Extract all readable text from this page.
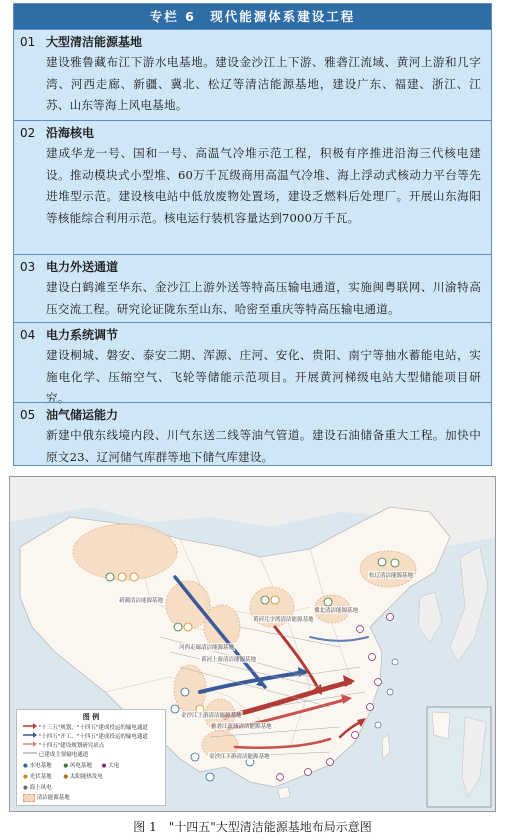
专栏 6　现代能源体系建设工程
01 大型清洁能源基地
建设雅鲁藏布江下游水电基地。建设金沙江上下游、雅砻江流域、黄河上游和几字湾、河西走廊、新疆、冀北、松辽等清洁能源基地，建设广东、福建、浙江、江苏、山东等海上风电基地。
02 沿海核电
建成华龙一号、国和一号、高温气冷堆示范工程，积极有序推进沿海三代核电建设。推动模块式小型堆、60万千瓦级商用高温气冷堆、海上浮动式核动力平台等先进堆型示范。建设核电站中低放废物处置场，建设乏燃料后处理厂。开展山东海阳等核能综合利用示范。核电运行装机容量达到7000万千瓦。
03 电力外送通道
建设白鹤滩至华东、金沙江上游外送等特高压输电通道，实施闽粤联网、川渝特高压交流工程。研究论证陇东至山东、哈密至重庆等特高压输电通道。
04 电力系统调节
建设桐城、磐安、泰安二期、浑源、庄河、安化、贵阳、南宁等抽水蓄能电站，实施电化学、压缩空气、飞轮等储能示范项目。开展黄河梯级电站大型储能项目研究。
05 油气储运能力
新建中俄东线境内段、川气东送二线等油气管道。建设石油储备重大工程。加快中原文23、辽河储气库群等地下储气库建设。
新疆清洁能源基地
河西走廊清洁能源基地
黄河上游清洁能源基地
黄河几字湾清洁能源基地
冀北清洁能源基地
松辽清洁能源基地
金沙江上游清洁能源基地
雅砻江流域清洁能源基地
金沙江下游清洁能源基地
图 例
"十三五"规划、"十四五"建成投运的输电通道
"十四五"开工、"十四五"建成投运的输电通道
"十四五"建设规划研究站点
已建成主要输电通道
● 水电基地 ● 风电基地 ● 大电
● 光伏基地 ● 太阳能热发电
● 海上风电
清洁能源基地
图 1　"十四五"大型清洁能源基地布局示意图
